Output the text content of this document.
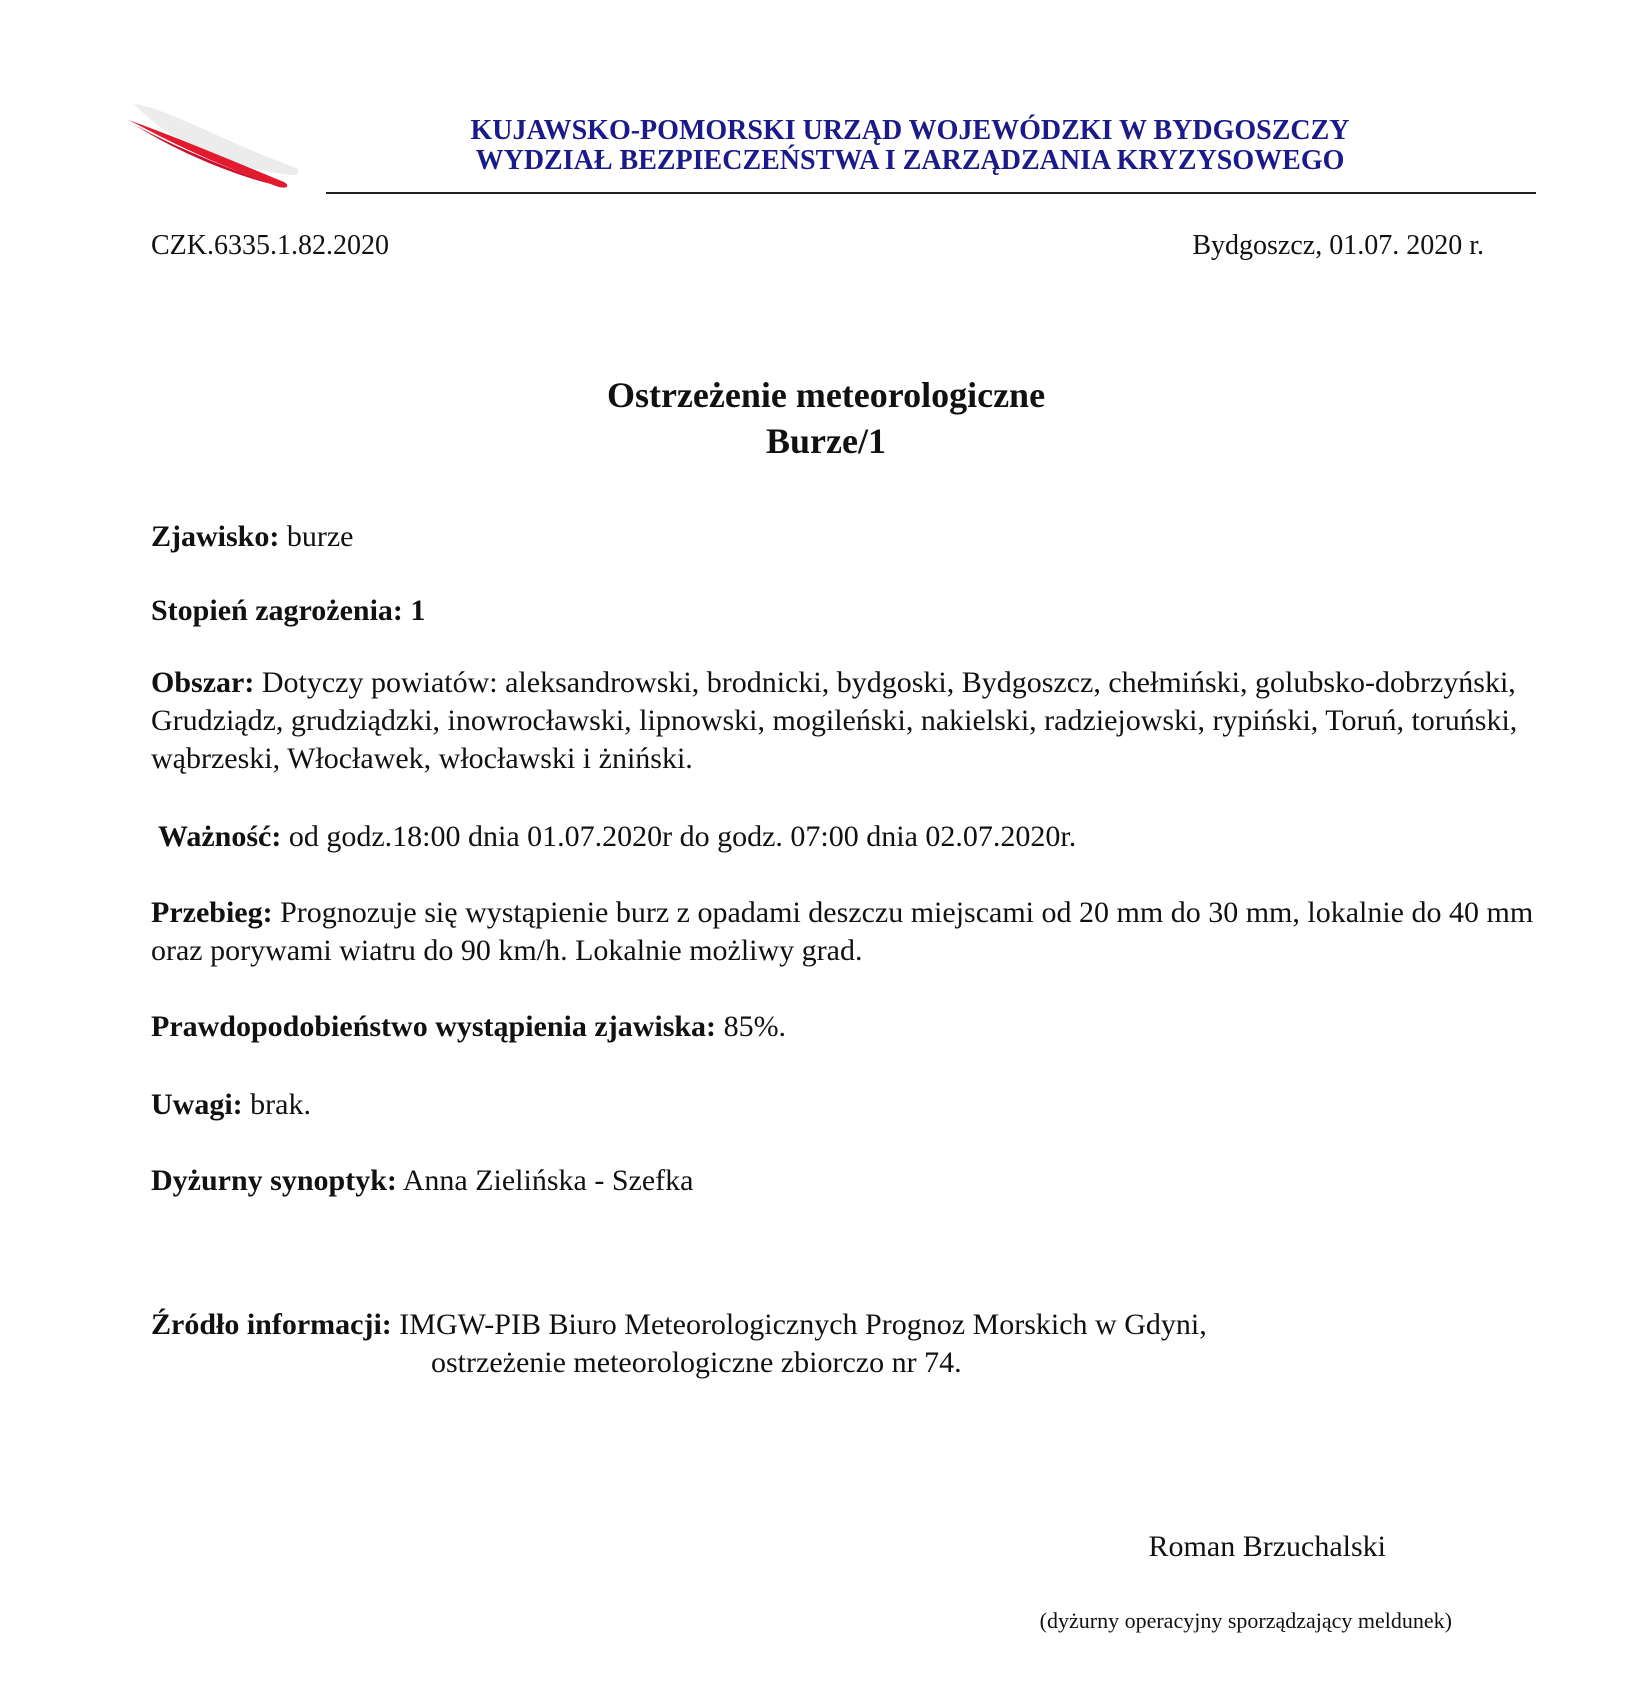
KUJAWSKO-POMORSKI URZĄD WOJEWÓDZKI W BYDGOSZCZY
WYDZIAŁ BEZPIECZEŃSTWA I ZARZĄDZANIA KRYZYSOWEGO
CZK.6335.1.82.2020	Bydgoszcz, 01.07. 2020 r.
Ostrzeżenie meteorologiczne
Burze/1
Zjawisko: burze
Stopień zagrożenia: 1
Obszar: Dotyczy powiatów: aleksandrowski, brodnicki, bydgoski, Bydgoszcz, chełmiński, golubsko-dobrzyński, Grudziądz, grudziądzki, inowrocławski, lipnowski, mogileński, nakielski, radziejowski, rypiński, Toruń, toruński, wąbrzeski, Włocławek, włocławski i żniński.
Ważność: od godz.18:00 dnia 01.07.2020r do godz. 07:00 dnia 02.07.2020r.
Przebieg: Prognozuje się wystąpienie burz z opadami deszczu miejscami od 20 mm do 30 mm, lokalnie do 40 mm oraz porywami wiatru do 90 km/h. Lokalnie możliwy grad.
Prawdopodobieństwo wystąpienia zjawiska: 85%.
Uwagi: brak.
Dyżurny synoptyk: Anna Zielińska - Szefka
Źródło informacji: IMGW-PIB Biuro Meteorologicznych Prognoz Morskich w Gdyni,
ostrzeżenie meteorologiczne zbiorczo nr 74.
Roman Brzuchalski
(dyżurny operacyjny sporządzający meldunek)
